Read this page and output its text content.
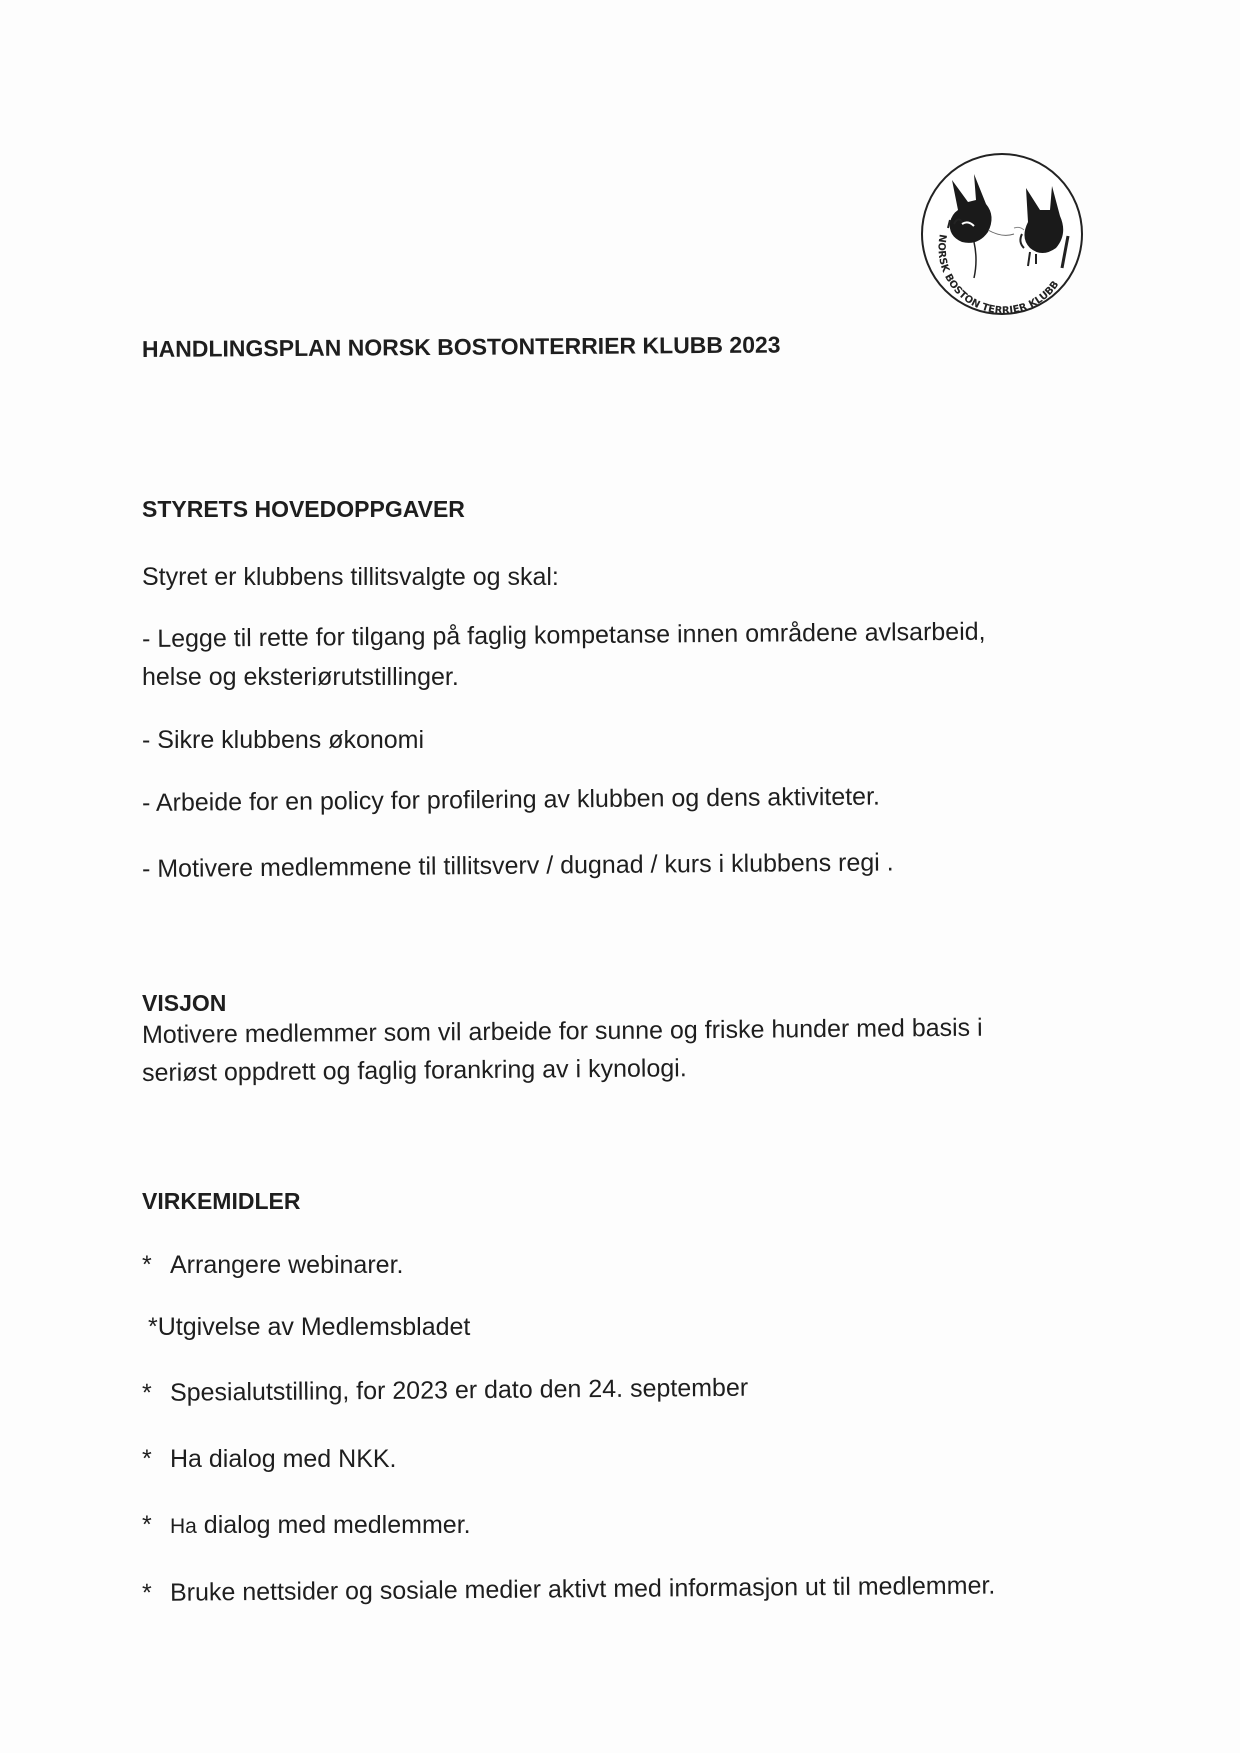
NORSK BOSTON TERRIER KLUBB
HANDLINGSPLAN NORSK BOSTONTERRIER KLUBB 2023
STYRETS HOVEDOPPGAVER
Styret er klubbens tillitsvalgte og skal:
- Legge til rette for tilgang på faglig kompetanse innen områdene avlsarbeid,
helse og eksteriørutstillinger.
- Sikre klubbens økonomi
- Arbeide for en policy for profilering av klubben og dens aktiviteter.
- Motivere medlemmene til tillitsverv / dugnad / kurs i klubbens regi .
VISJON
Motivere medlemmer som vil arbeide for sunne og friske hunder med basis i
seriøst oppdrett og faglig forankring av i kynologi.
VIRKEMIDLER
* Arrangere webinarer.
*Utgivelse av Medlemsbladet
* Spesialutstilling, for 2023 er dato den 24. september
* Ha dialog med NKK.
* Ha dialog med medlemmer.
* Bruke nettsider og sosiale medier aktivt med informasjon ut til medlemmer.
